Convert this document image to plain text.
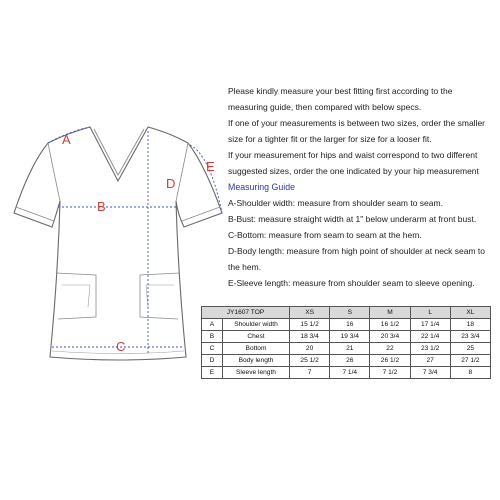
A
B
C
D
E
Please kindly measure your best fitting first according to the
measuring guide, then compared with below specs.
If one of your measurements is between two sizes, order the smaller
size for a tighter fit or the larger for size for a looser fit.
If your measurement for hips and waist correspond to two different
suggested sizes, order the one indicated by your hip measurement
Measuring Guide
A-Shoulder width: measure from shoulder seam to seam.
B-Bust: measure straight width at 1" below underarm at front bust.
C-Bottom: measure from seam to seam at the hem.
D-Body length: measure from high point of shoulder at neck seam to
the hem.
E-Sleeve length: measure from shoulder seam to sleeve opening.
JY1607 TOP		XS	S	M	L	XL
A	Shoulder width	15 1/2	16	16 1/2	17 1/4	18
B	Chest	18 3/4	19 3/4	20 3/4	22 1/4	23 3/4
C	Bottom	20	21	22	23 1/2	25
D	Body length	25 1/2	26	26 1/2	27	27 1/2
E	Sleeve length	7	7 1/4	7 1/2	7 3/4	8
